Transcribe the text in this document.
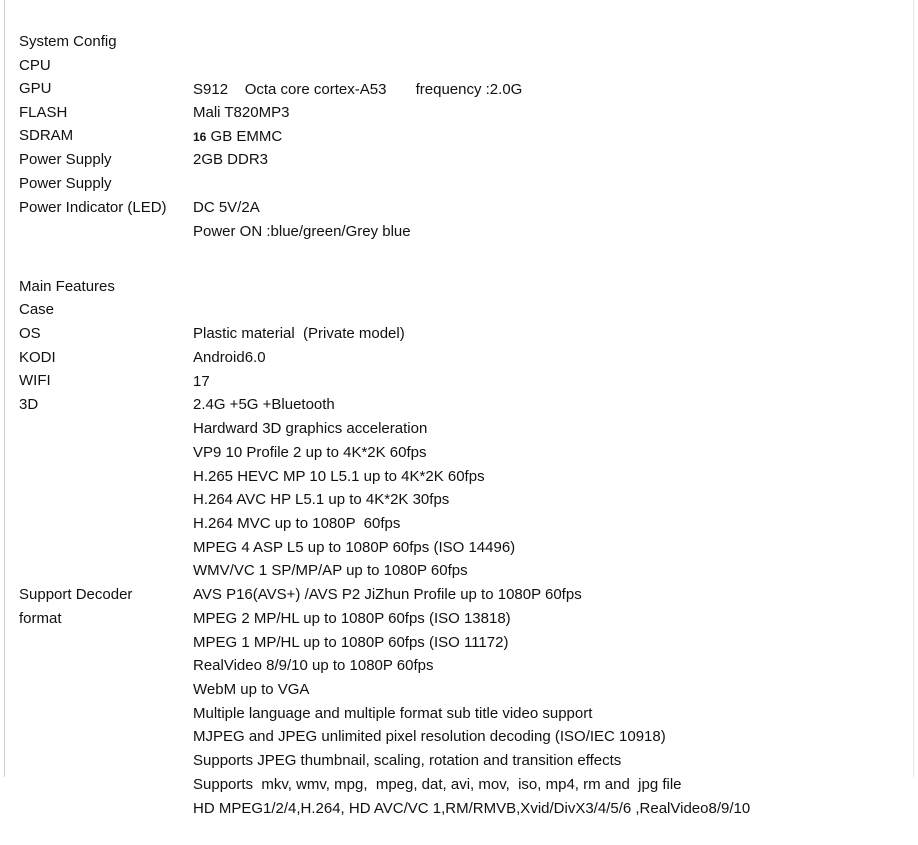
System Config

CPU

S912    Octa core cortex-A53       frequency :2.0G

GPU

Mali T820MP3

FLASH

16 GB EMMC

SDRAM

2GB DDR3

Power Supply

Power Supply

DC 5V/2A

Power Indicator (LED)

Power ON :blue/green/Grey blue

Main Features

Case

Plastic material  (Private model)

OS

Android6.0

KODI

17

WIFI

2.4G +5G +Bluetooth

3D

Hardward 3D graphics acceleration

VP9 10 Profile 2 up to 4K*2K 60fps

H.265 HEVC MP 10 L5.1 up to 4K*2K 60fps

H.264 AVC HP L5.1 up to 4K*2K 30fps

H.264 MVC up to 1080P  60fps

MPEG 4 ASP L5 up to 1080P 60fps (ISO 14496)

WMV/VC 1 SP/MP/AP up to 1080P 60fps

AVS P16(AVS+) /AVS P2 JiZhun Profile up to 1080P 60fps

Support Decoder

MPEG 2 MP/HL up to 1080P 60fps (ISO 13818)

format

MPEG 1 MP/HL up to 1080P 60fps (ISO 11172)

RealVideo 8/9/10 up to 1080P 60fps

WebM up to VGA

Multiple language and multiple format sub title video support

MJPEG and JPEG unlimited pixel resolution decoding (ISO/IEC 10918)

Supports JPEG thumbnail, scaling, rotation and transition effects

Supports  mkv, wmv, mpg,  mpeg, dat, avi, mov,  iso, mp4, rm and  jpg file

HD MPEG1/2/4,H.264, HD AVC/VC 1,RM/RMVB,Xvid/DivX3/4/5/6 ,RealVideo8/9/10
